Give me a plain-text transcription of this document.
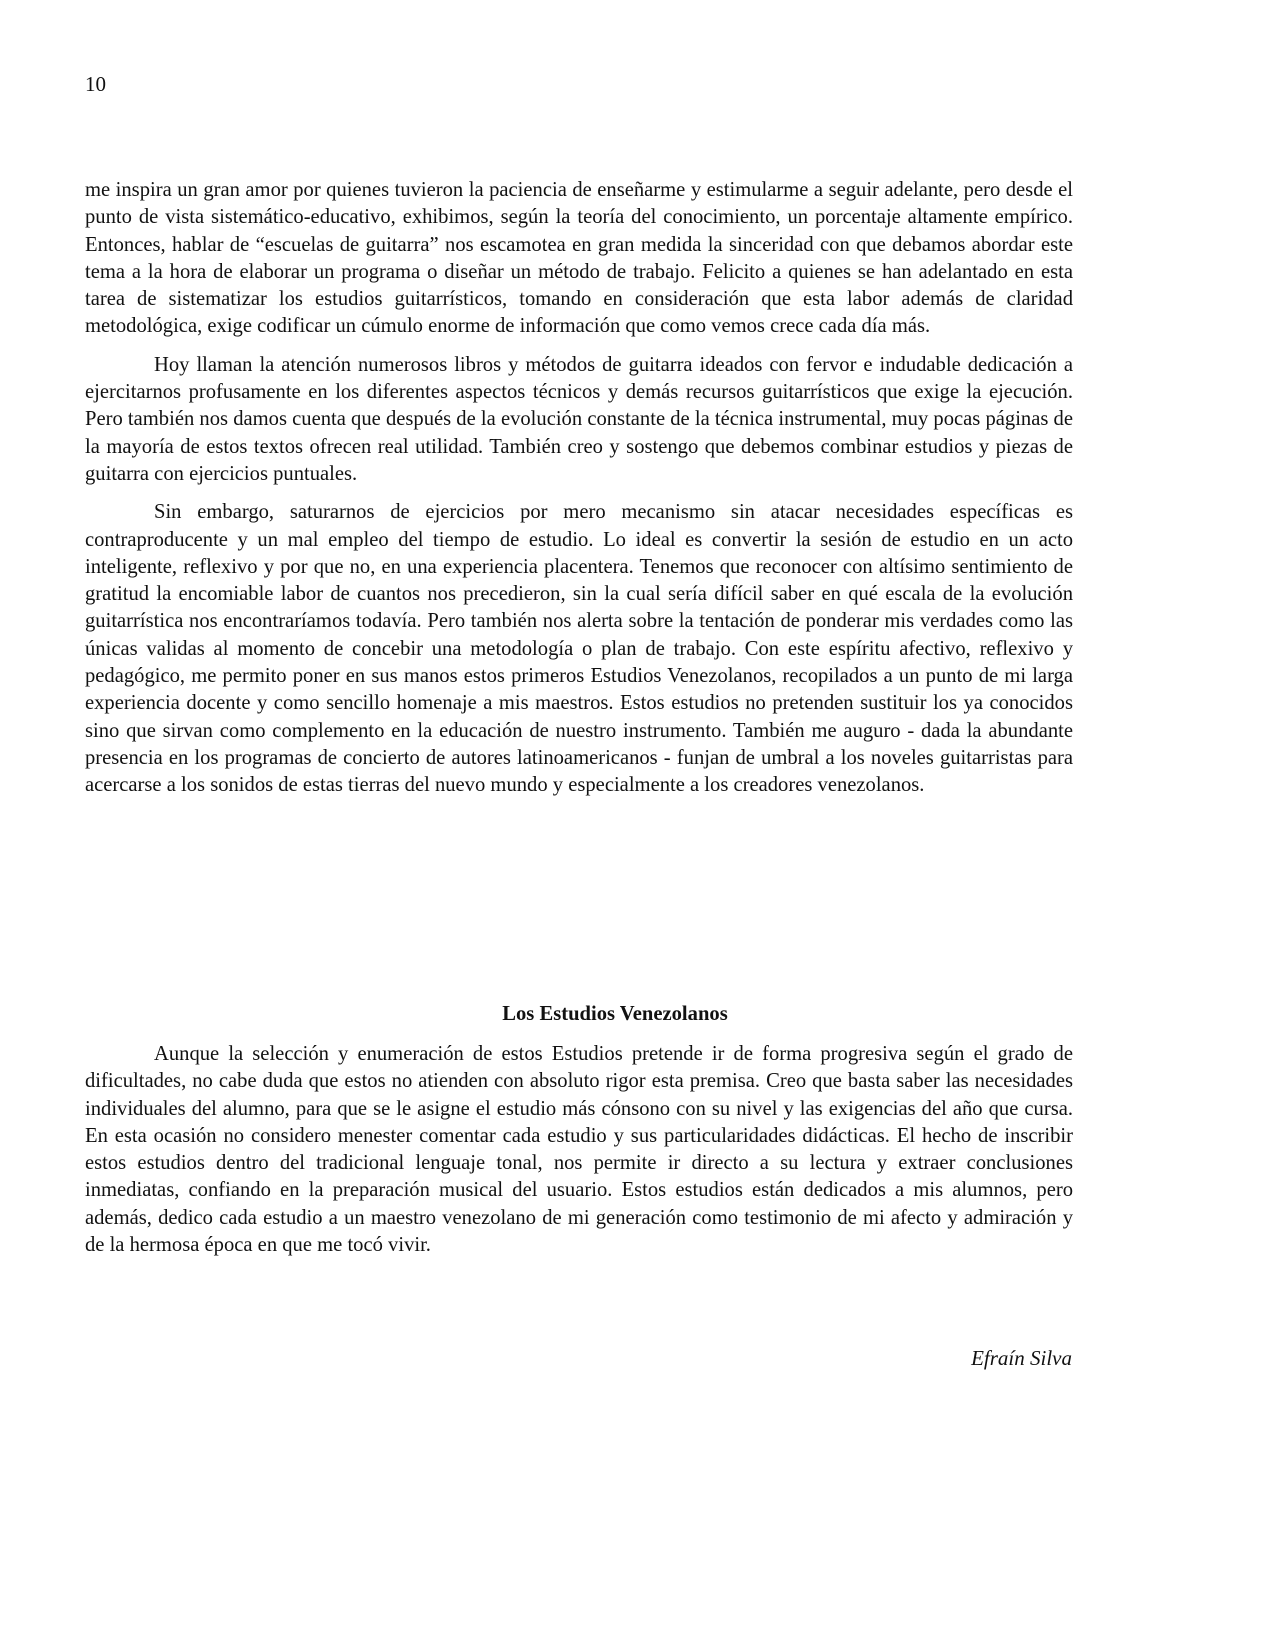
10

me inspira un gran amor por quienes tuvieron la paciencia de enseñarme y estimularme a seguir adelante, pero desde el punto de vista sistemático-educativo, exhibimos, según la teoría del conocimiento, un porcentaje altamente empírico. Entonces, hablar de “escuelas de guitarra” nos escamotea en gran medida la sinceridad con que debamos abordar este tema a la hora de elaborar un programa o diseñar un método de trabajo. Felicito a quienes se han adelantado en esta tarea de sistematizar los estudios guitarrísticos, tomando en consideración que esta labor además de claridad metodológica, exige codificar un cúmulo enorme de información que como vemos crece cada día más.

Hoy llaman la atención numerosos libros y métodos de guitarra ideados con fervor e indudable dedicación a ejercitarnos profusamente en los diferentes aspectos técnicos y demás recursos guitarrísticos que exige la ejecución. Pero también nos damos cuenta que después de la evolución constante de la técnica instrumental, muy pocas páginas de la mayoría de estos textos ofrecen real utilidad. También creo y sostengo que debemos combinar estudios y piezas de guitarra con ejercicios puntuales.

Sin embargo, saturarnos de ejercicios por mero mecanismo sin atacar necesidades específicas es contraproducente y un mal empleo del tiempo de estudio. Lo ideal es convertir la sesión de estudio en un acto inteligente, reflexivo y por que no, en una experiencia placentera. Tenemos que reconocer con altísimo sentimiento de gratitud la encomiable labor de cuantos nos precedieron, sin la cual sería difícil saber en qué escala de la evolución guitarrística nos encontraríamos todavía. Pero también nos alerta sobre la tentación de ponderar mis verdades como las únicas validas al momento de concebir una metodología o plan de trabajo. Con este espíritu afectivo, reflexivo y pedagógico, me permito poner en sus manos estos primeros Estudios Venezolanos, recopilados a un punto de mi larga experiencia docente y como sencillo homenaje a mis maestros. Estos estudios no pretenden sustituir los ya conocidos sino que sirvan como complemento en la educación de nuestro instrumento. También me auguro - dada la abundante presencia en los programas de concierto de autores latinoamericanos - funjan de umbral a los noveles guitarristas para acercarse a los sonidos de estas tierras del nuevo mundo y especialmente a los creadores venezolanos.

Los Estudios Venezolanos

Aunque la selección y enumeración de estos Estudios pretende ir de forma progresiva según el grado de dificultades, no cabe duda que estos no atienden con absoluto rigor esta premisa. Creo que basta saber las necesidades individuales del alumno, para que se le asigne el estudio más cónsono con su nivel y las exigencias del año que cursa. En esta ocasión no considero menester comentar cada estudio y sus particularidades didácticas. El hecho de inscribir estos estudios dentro del tradicional lenguaje tonal, nos permite ir directo a su lectura y extraer conclusiones inmediatas, confiando en la preparación musical del usuario. Estos estudios están dedicados a mis alumnos, pero además, dedico cada estudio a un maestro venezolano de mi generación como testimonio de mi afecto y admiración y de la hermosa época en que me tocó vivir.

Efraín Silva
